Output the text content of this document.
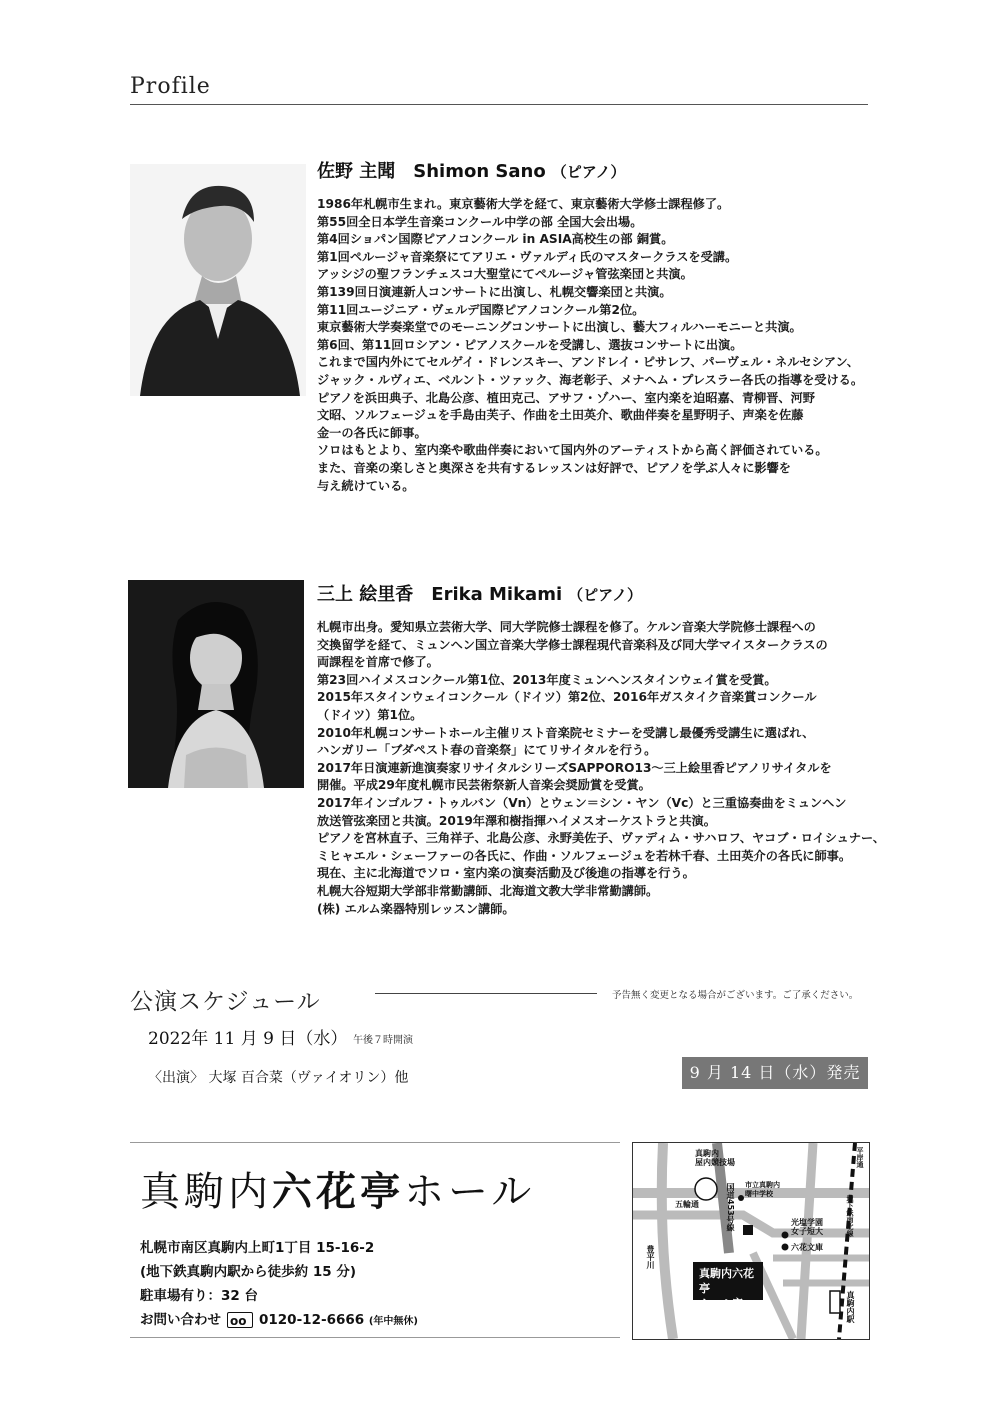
Profile
佐野 主聞 Shimon Sano （ピアノ）
1986年札幌市生まれ。東京藝術大学を経て、東京藝術大学修士課程修了。
第55回全日本学生音楽コンクール中学の部 全国大会出場。
第4回ショパン国際ピアノコンクール in ASIA高校生の部 銅賞。
第1回ペルージャ音楽祭にてアリエ・ヴァルディ氏のマスタークラスを受講。
アッシジの聖フランチェスコ大聖堂にてペルージャ管弦楽団と共演。
第139回日演連新人コンサートに出演し、札幌交響楽団と共演。
第11回ユージニア・ヴェルデ国際ピアノコンクール第2位。
東京藝術大学奏楽堂でのモーニングコンサートに出演し、藝大フィルハーモニーと共演。
第6回、第11回ロシアン・ピアノスクールを受講し、選抜コンサートに出演。
これまで国内外にてセルゲイ・ドレンスキー、アンドレイ・ピサレフ、パーヴェル・ネルセシアン、
ジャック・ルヴィエ、ベルント・ツァック、海老彰子、メナヘム・プレスラー各氏の指導を受ける。
ピアノを浜田典子、北島公彦、植田克己、アサフ・ゾハー、室内楽を迫昭嘉、青柳晋、河野
文昭、ソルフェージュを手島由芙子、作曲を土田英介、歌曲伴奏を星野明子、声楽を佐藤
金一の各氏に師事。
ソロはもとより、室内楽や歌曲伴奏において国内外のアーティストから高く評価されている。
また、音楽の楽しさと奥深さを共有するレッスンは好評で、ピアノを学ぶ人々に影響を
与え続けている。
三上 絵里香 Erika Mikami （ピアノ）
札幌市出身。愛知県立芸術大学、同大学院修士課程を修了。ケルン音楽大学院修士課程への
交換留学を経て、ミュンヘン国立音楽大学修士課程現代音楽科及び同大学マイスタークラスの
両課程を首席で修了。
第23回ハイメスコンクール第1位、2013年度ミュンヘンスタインウェイ賞を受賞。
2015年スタインウェイコンクール（ドイツ）第2位、2016年ガスタイク音楽賞コンクール
（ドイツ）第1位。
2010年札幌コンサートホール主催リスト音楽院セミナーを受講し最優秀受講生に選ばれ、
ハンガリー「ブダペスト春の音楽祭」にてリサイタルを行う。
2017年日演連新進演奏家リサイタルシリーズSAPPORO13〜三上絵里香ピアノリサイタルを
開催。平成29年度札幌市民芸術祭新人音楽会奨励賞を受賞。
2017年インゴルフ・トゥルバン（Vn）とウェン＝シン・ヤン（Vc）と三重協奏曲をミュンヘン
放送管弦楽団と共演。2019年澤和樹指揮ハイメスオーケストラと共演。
ピアノを宮林直子、三角祥子、北島公彦、永野美佐子、ヴァディム・サハロフ、ヤコブ・ロイシュナー、
ミヒャエル・シェーファーの各氏に、作曲・ソルフェージュを若林千春、土田英介の各氏に師事。
現在、主に北海道でソロ・室内楽の演奏活動及び後進の指導を行う。
札幌大谷短期大学部非常勤講師、北海道文教大学非常勤講師。
(株) エルム楽器特別レッスン講師。
公演スケジュール	予告無く変更となる場合がございます。ご了承ください。
2022年 11 月 9 日（水） 午後７時開演
〈出演〉 大塚 百合菜（ヴァイオリン）他	9 月 14 日（水）発売
真駒内六花亭ホール
札幌市南区真駒内上町1丁目 15-16-2
(地下鉄真駒内駅から徒歩約 15 分)
駐車場有り：32 台
お問い合わせoo	0120-12-6666 (年中無休)
真駒内
屋内競技場
市立真駒内
曙中学校
五輪通	国道453号線
豊平川
光塩学園
女子短大
六花文庫
真駒内駅
地下鉄南北線
平岸通
真駒内六花亭
ホール店
